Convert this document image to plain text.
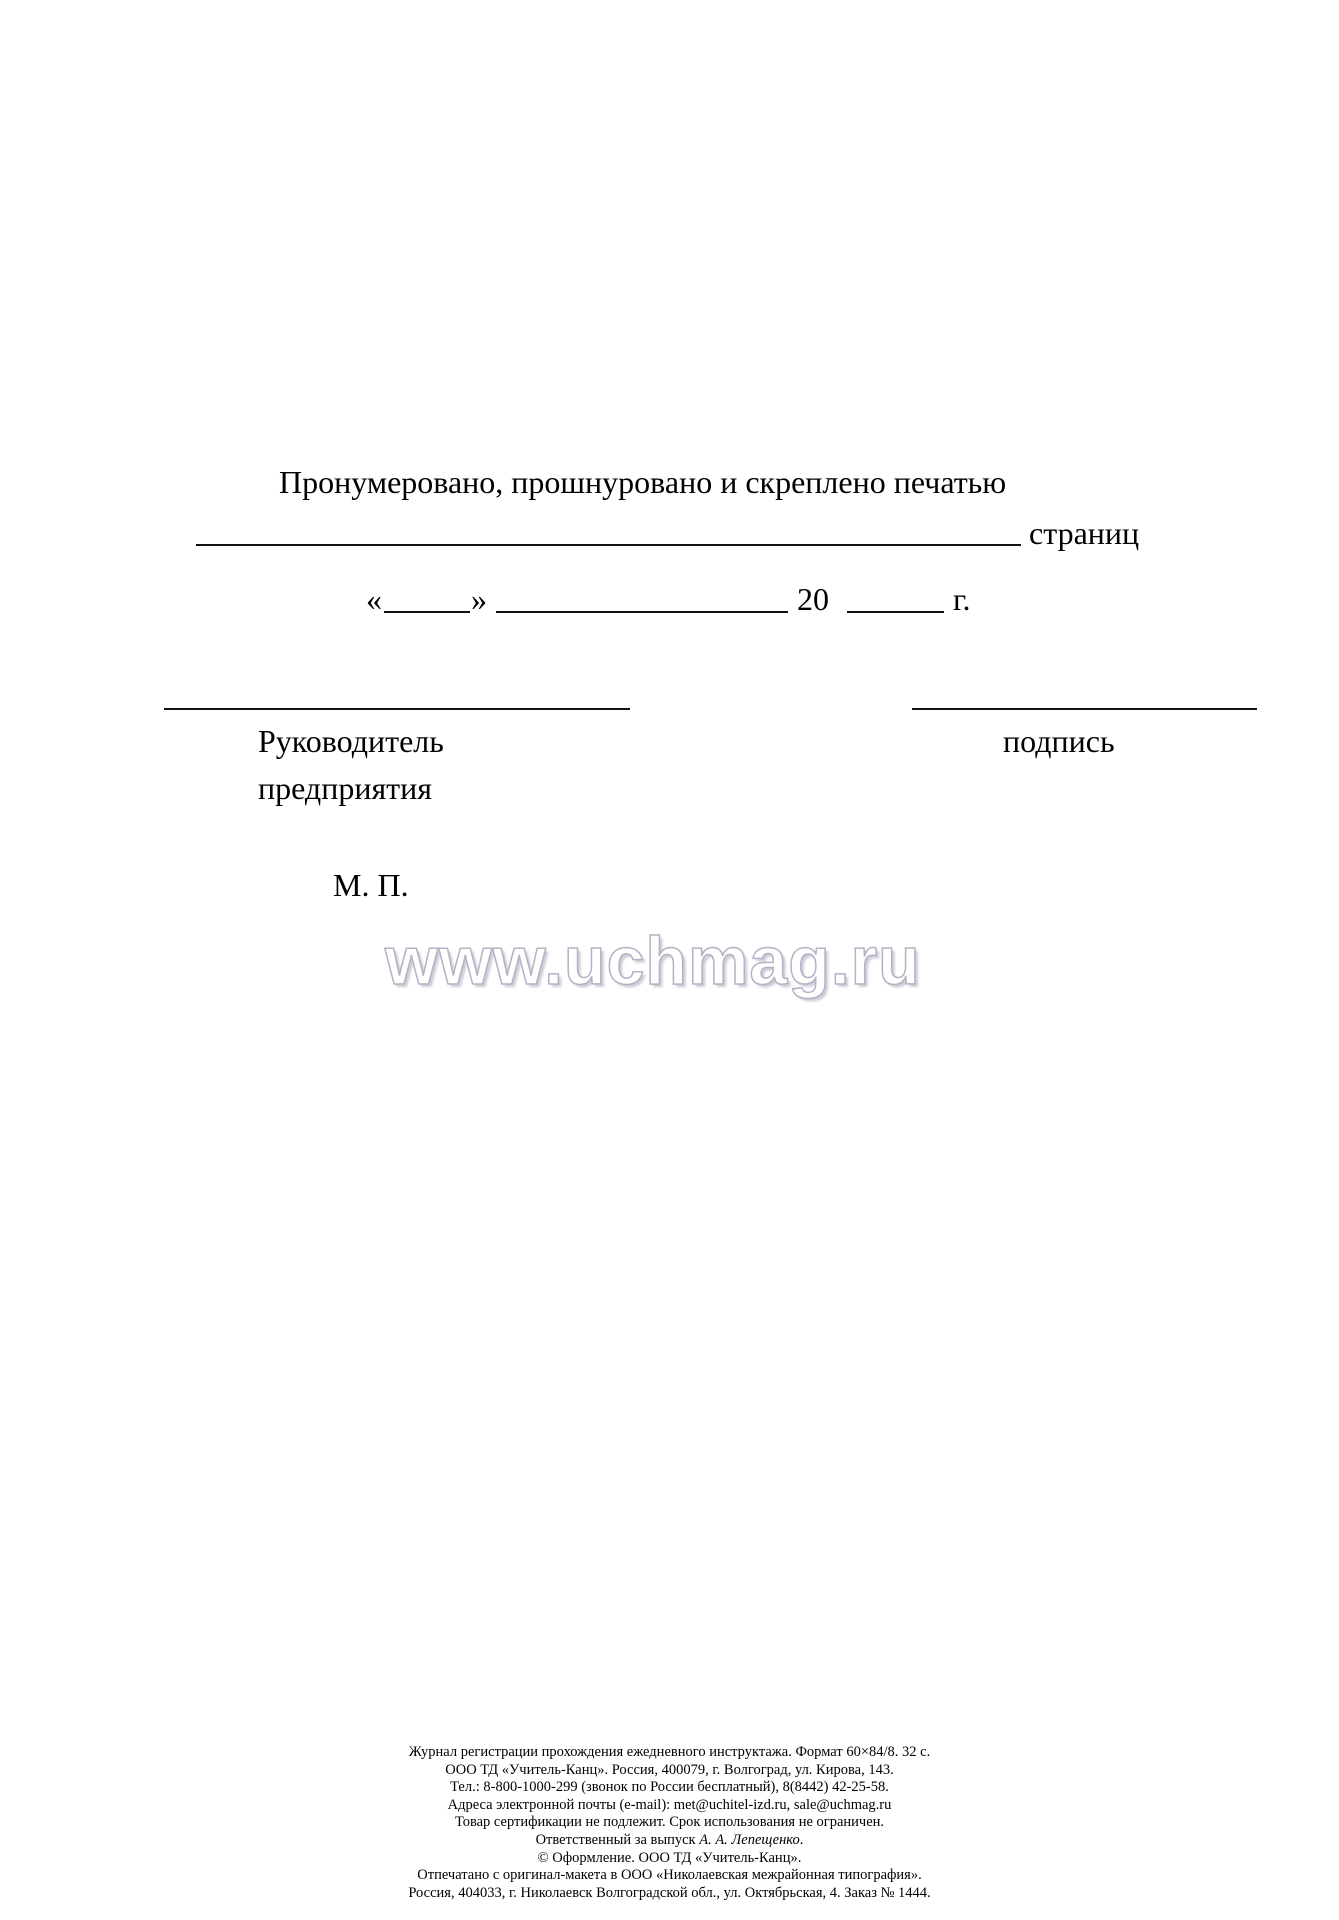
Пронумеровано, прошнуровано и скреплено печатью
страниц
«	»	20	г.
Руководитель
предприятия
подпись
М. П.
www.uchmag.ru
Журнал регистрации прохождения ежедневного инструктажа. Формат 60×84/8. 32 с.
ООО ТД «Учитель-Канц». Россия, 400079, г. Волгоград, ул. Кирова, 143.
Тел.: 8-800-1000-299 (звонок по России бесплатный), 8(8442) 42-25-58.
Адреса электронной почты (e-mail): met@uchitel-izd.ru, sale@uchmag.ru
Товар сертификации не подлежит. Срок использования не ограничен.
Ответственный за выпуск А. А. Лепещенко.
© Оформление. ООО ТД «Учитель-Канц».
Отпечатано с оригинал-макета в ООО «Николаевская межрайонная типография».
Россия, 404033, г. Николаевск Волгоградской обл., ул. Октябрьская, 4. Заказ № 1444.
